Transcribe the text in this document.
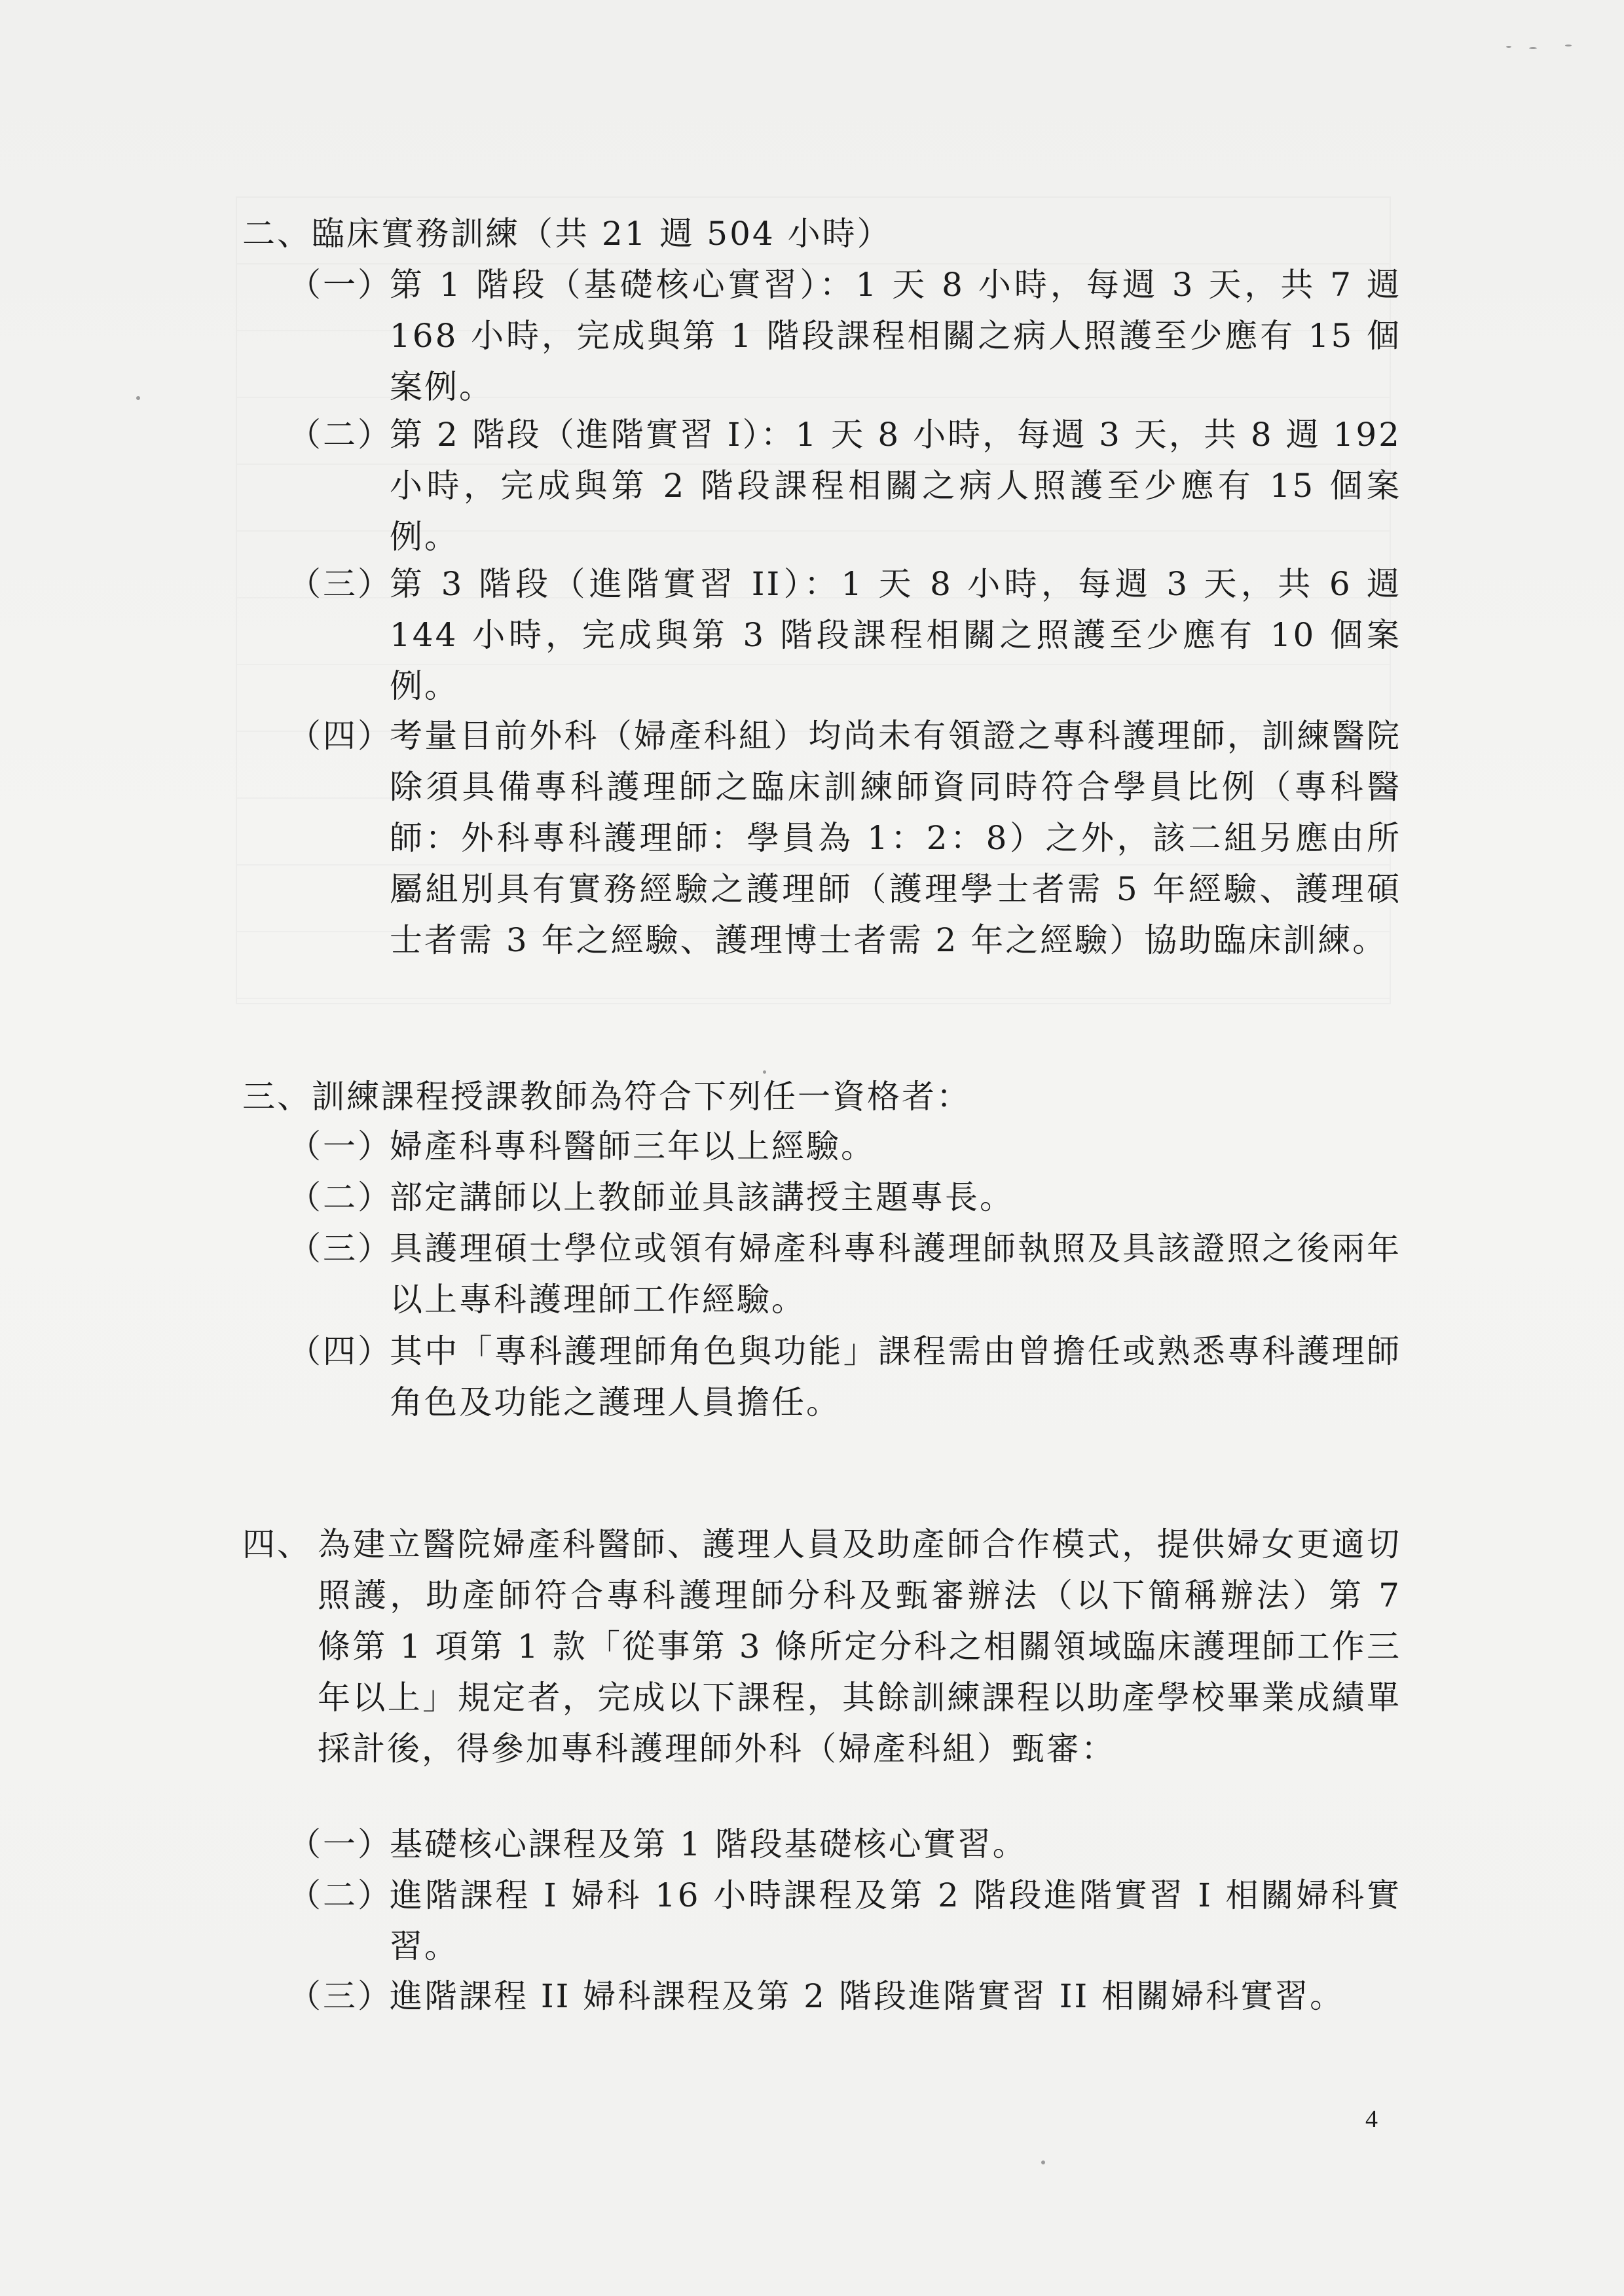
二、臨床實務訓練（共 21 週 504 小時）
（一）
第 1 階段（基礎核心實習）：1 天 8 小時，每週 3 天，共 7 週 168 小時，完成與第 1 階段課程相關之病人照護至少應有 15 個案例。
（二）
第 2 階段（進階實習 I）：1 天 8 小時，每週 3 天，共 8 週 192 小時，完成與第 2 階段課程相關之病人照護至少應有 15 個案例。
（三）
第 3 階段（進階實習 II）：1 天 8 小時，每週 3 天，共 6 週 144 小時，完成與第 3 階段課程相關之照護至少應有 10 個案例。
（四）
考量目前外科（婦產科組）均尚未有領證之專科護理師，訓練醫院除須具備專科護理師之臨床訓練師資同時符合學員比例（專科醫師：外科專科護理師：學員為 1：2：8）之外，該二組另應由所屬組別具有實務經驗之護理師（護理學士者需 5 年經驗、護理碩士者需 3 年之經驗、護理博士者需 2 年之經驗）協助臨床訓練。
三、訓練課程授課教師為符合下列任一資格者：
（一）
婦產科專科醫師三年以上經驗。
（二）
部定講師以上教師並具該講授主題專長。
（三）
具護理碩士學位或領有婦產科專科護理師執照及具該證照之後兩年以上專科護理師工作經驗。
（四）
其中「專科護理師角色與功能」課程需由曾擔任或熟悉專科護理師角色及功能之護理人員擔任。
四、 為建立醫院婦產科醫師、護理人員及助產師合作模式，提供婦女更適切照護，助產師符合專科護理師分科及甄審辦法（以下簡稱辦法）第 7 條第 1 項第 1 款「從事第 3 條所定分科之相關領域臨床護理師工作三年以上」規定者，完成以下課程，其餘訓練課程以助產學校畢業成績單採計後，得參加專科護理師外科（婦產科組）甄審：
（一）
基礎核心課程及第 1 階段基礎核心實習。
（二）
進階課程 I 婦科 16 小時課程及第 2 階段進階實習 I 相關婦科實習。
（三）
進階課程 II 婦科課程及第 2 階段進階實習 II 相關婦科實習。
4
